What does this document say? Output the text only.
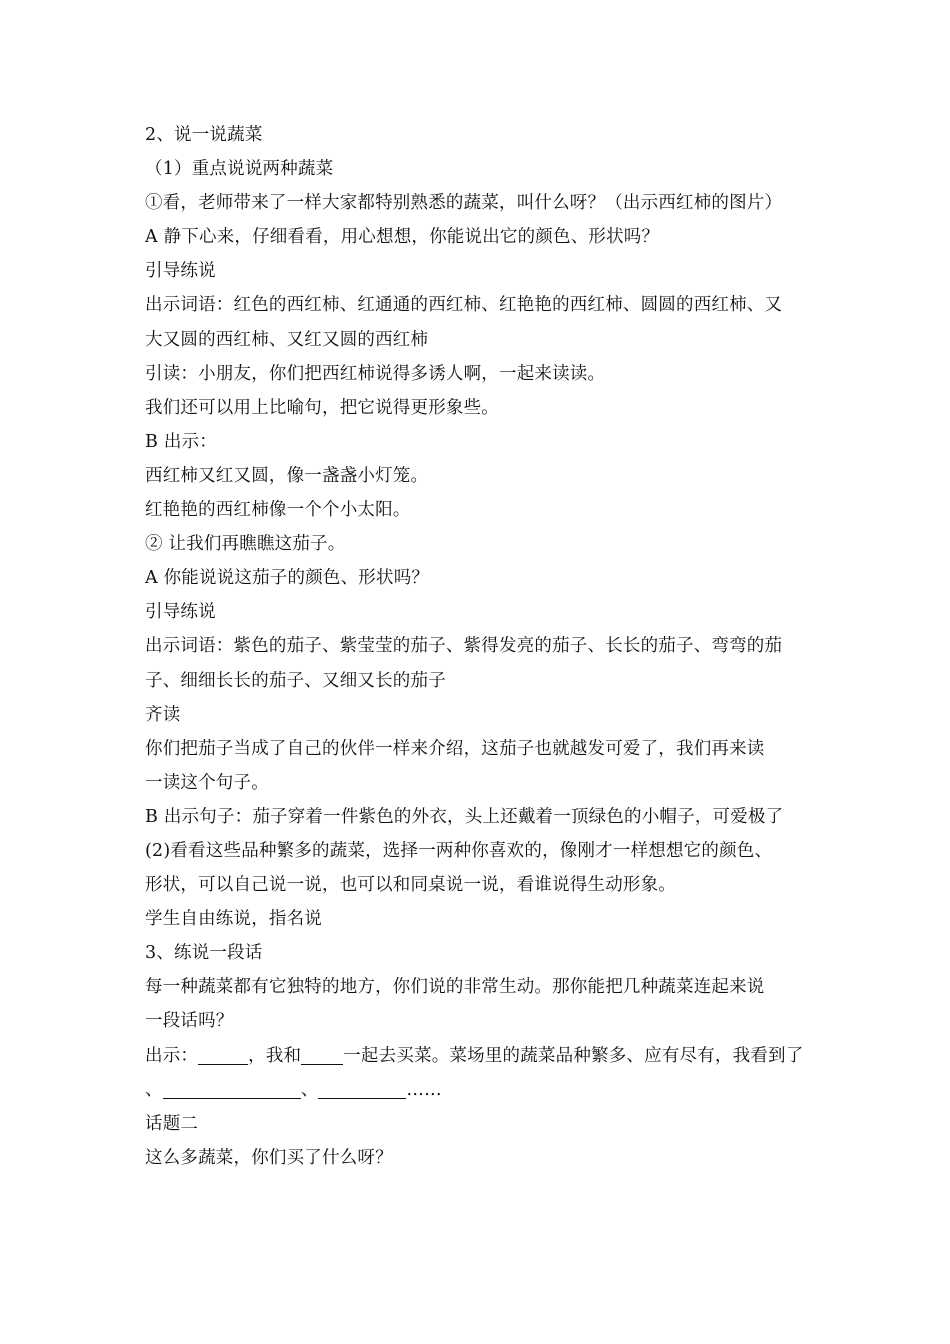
2、说一说蔬菜
（1）重点说说两种蔬菜
①看，老师带来了一样大家都特别熟悉的蔬菜，叫什么呀？（出示西红柿的图片）
A 静下心来，仔细看看，用心想想，你能说出它的颜色、形状吗？
引导练说
出示词语：红色的西红柿、红通通的西红柿、红艳艳的西红柿、圆圆的西红柿、又
大又圆的西红柿、又红又圆的西红柿
引读：小朋友，你们把西红柿说得多诱人啊，一起来读读。
我们还可以用上比喻句，把它说得更形象些。
B 出示：
西红柿又红又圆，像一盏盏小灯笼。
红艳艳的西红柿像一个个小太阳。
② 让我们再瞧瞧这茄子。
A 你能说说这茄子的颜色、形状吗？
引导练说
出示词语：紫色的茄子、紫莹莹的茄子、紫得发亮的茄子、长长的茄子、弯弯的茄
子、细细长长的茄子、又细又长的茄子
齐读
你们把茄子当成了自己的伙伴一样来介绍，这茄子也就越发可爱了，我们再来读
一读这个句子。
B 出示句子：茄子穿着一件紫色的外衣，头上还戴着一顶绿色的小帽子，可爱极了
(2)看看这些品种繁多的蔬菜，选择一两种你喜欢的，像刚才一样想想它的颜色、
形状，可以自己说一说，也可以和同桌说一说，看谁说得生动形象。
学生自由练说，指名说
3、练说一段话
每一种蔬菜都有它独特的地方，你们说的非常生动。那你能把几种蔬菜连起来说
一段话吗？
出示：	，我和 一起去买菜。菜场里的蔬菜品种繁多、应有尽有，我看到了
、	、	……
话题二
这么多蔬菜，你们买了什么呀？
